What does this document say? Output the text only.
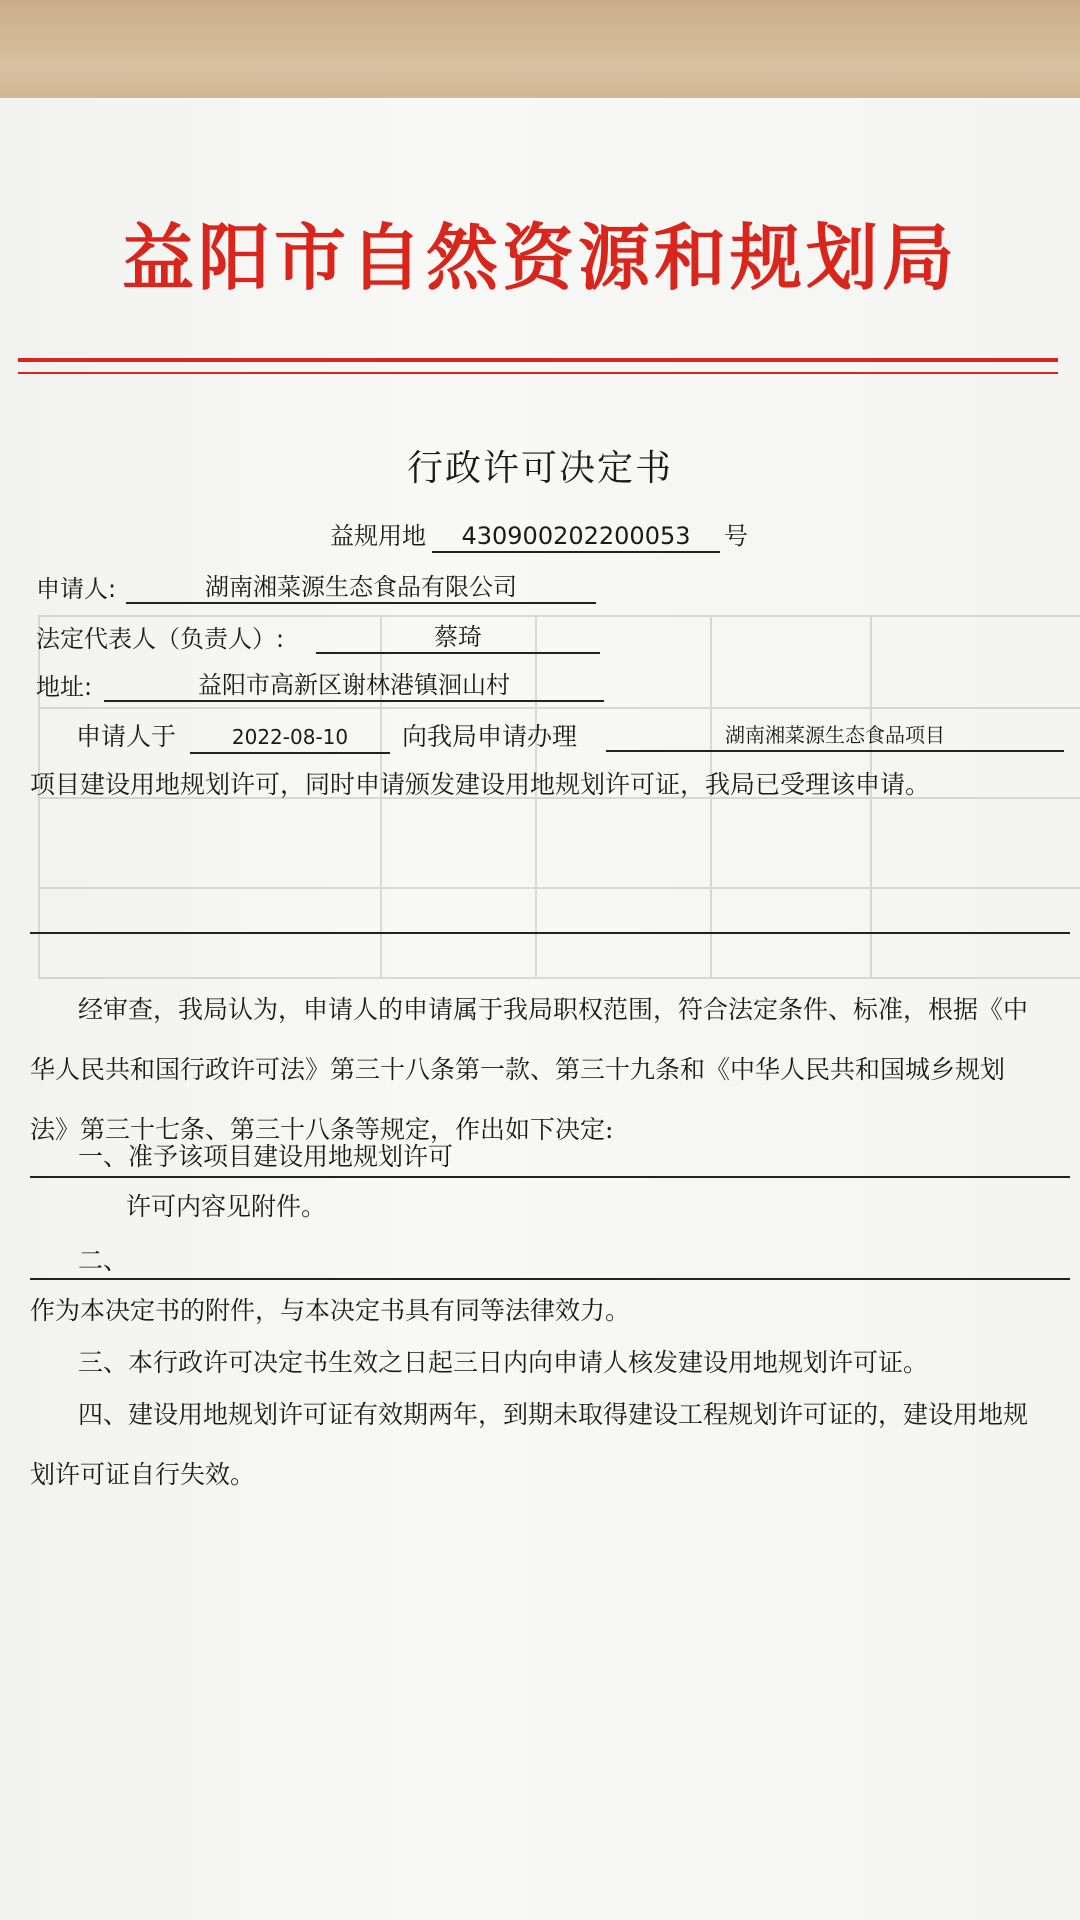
益阳市自然资源和规划局
行政许可决定书
益规用地	430900202200053	号
申请人:	湖南湘菜源生态食品有限公司
法定代表人（负责人）:	蔡琦
地址:	益阳市高新区谢林港镇洄山村
申请人于	2022-08-10	向我局申请办理	湖南湘菜源生态食品项目
项目建设用地规划许可，同时申请颁发建设用地规划许可证，我局已受理该申请。

经审查，我局认为，申请人的申请属于我局职权范围，符合法定条件、标准，根据《中

华人民共和国行政许可法》第三十八条第一款、第三十九条和《中华人民共和国城乡规划

法》第三十七条、第三十八条等规定，作出如下决定:

一、准予该项目建设用地规划许可
许可内容见附件。
二、
作为本决定书的附件，与本决定书具有同等法律效力。
三、本行政许可决定书生效之日起三日内向申请人核发建设用地规划许可证。

四、建设用地规划许可证有效期两年，到期未取得建设工程规划许可证的，建设用地规

划许可证自行失效。
